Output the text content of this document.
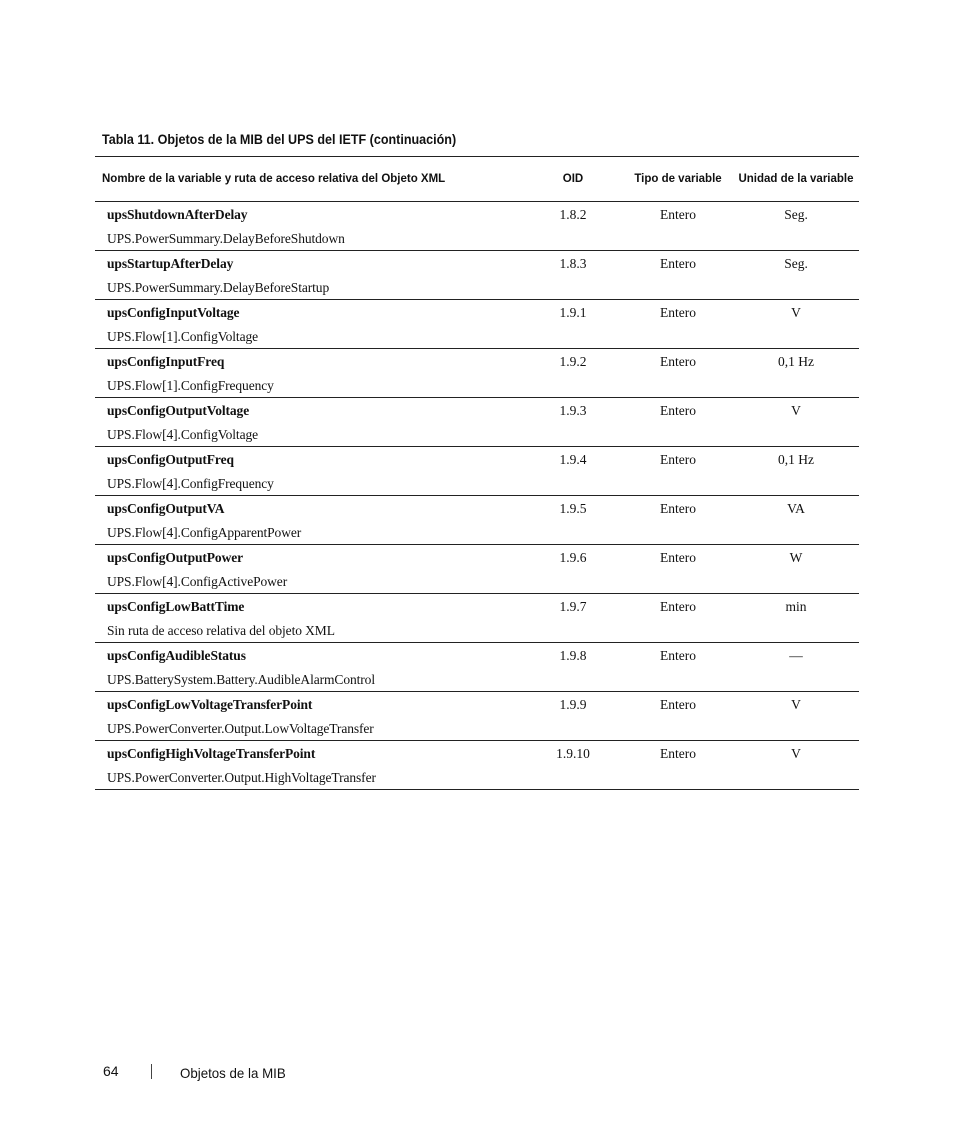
Tabla 11. Objetos de la MIB del UPS del IETF (continuación)
Nombre de la variable y ruta de acceso relativa del Objeto XML	OID	Tipo de variable	Unidad de la variable

upsShutdownAfterDelay
UPS.PowerSummary.DelayBeforeShutdown	1.8.2	Entero	Seg.

upsStartupAfterDelay
UPS.PowerSummary.DelayBeforeStartup	1.8.3	Entero	Seg.

upsConfigInputVoltage
UPS.Flow[1].ConfigVoltage	1.9.1	Entero	V

upsConfigInputFreq
UPS.Flow[1].ConfigFrequency	1.9.2	Entero	0,1 Hz

upsConfigOutputVoltage
UPS.Flow[4].ConfigVoltage	1.9.3	Entero	V

upsConfigOutputFreq
UPS.Flow[4].ConfigFrequency	1.9.4	Entero	0,1 Hz

upsConfigOutputVA
UPS.Flow[4].ConfigApparentPower	1.9.5	Entero	VA

upsConfigOutputPower
UPS.Flow[4].ConfigActivePower	1.9.6	Entero	W

upsConfigLowBattTime
Sin ruta de acceso relativa del objeto XML	1.9.7	Entero	min

upsConfigAudibleStatus
UPS.BatterySystem.Battery.AudibleAlarmControl	1.9.8	Entero	—

upsConfigLowVoltageTransferPoint
UPS.PowerConverter.Output.LowVoltageTransfer	1.9.9	Entero	V

upsConfigHighVoltageTransferPoint
UPS.PowerConverter.Output.HighVoltageTransfer	1.9.10	Entero	V
64	Objetos de la MIB
